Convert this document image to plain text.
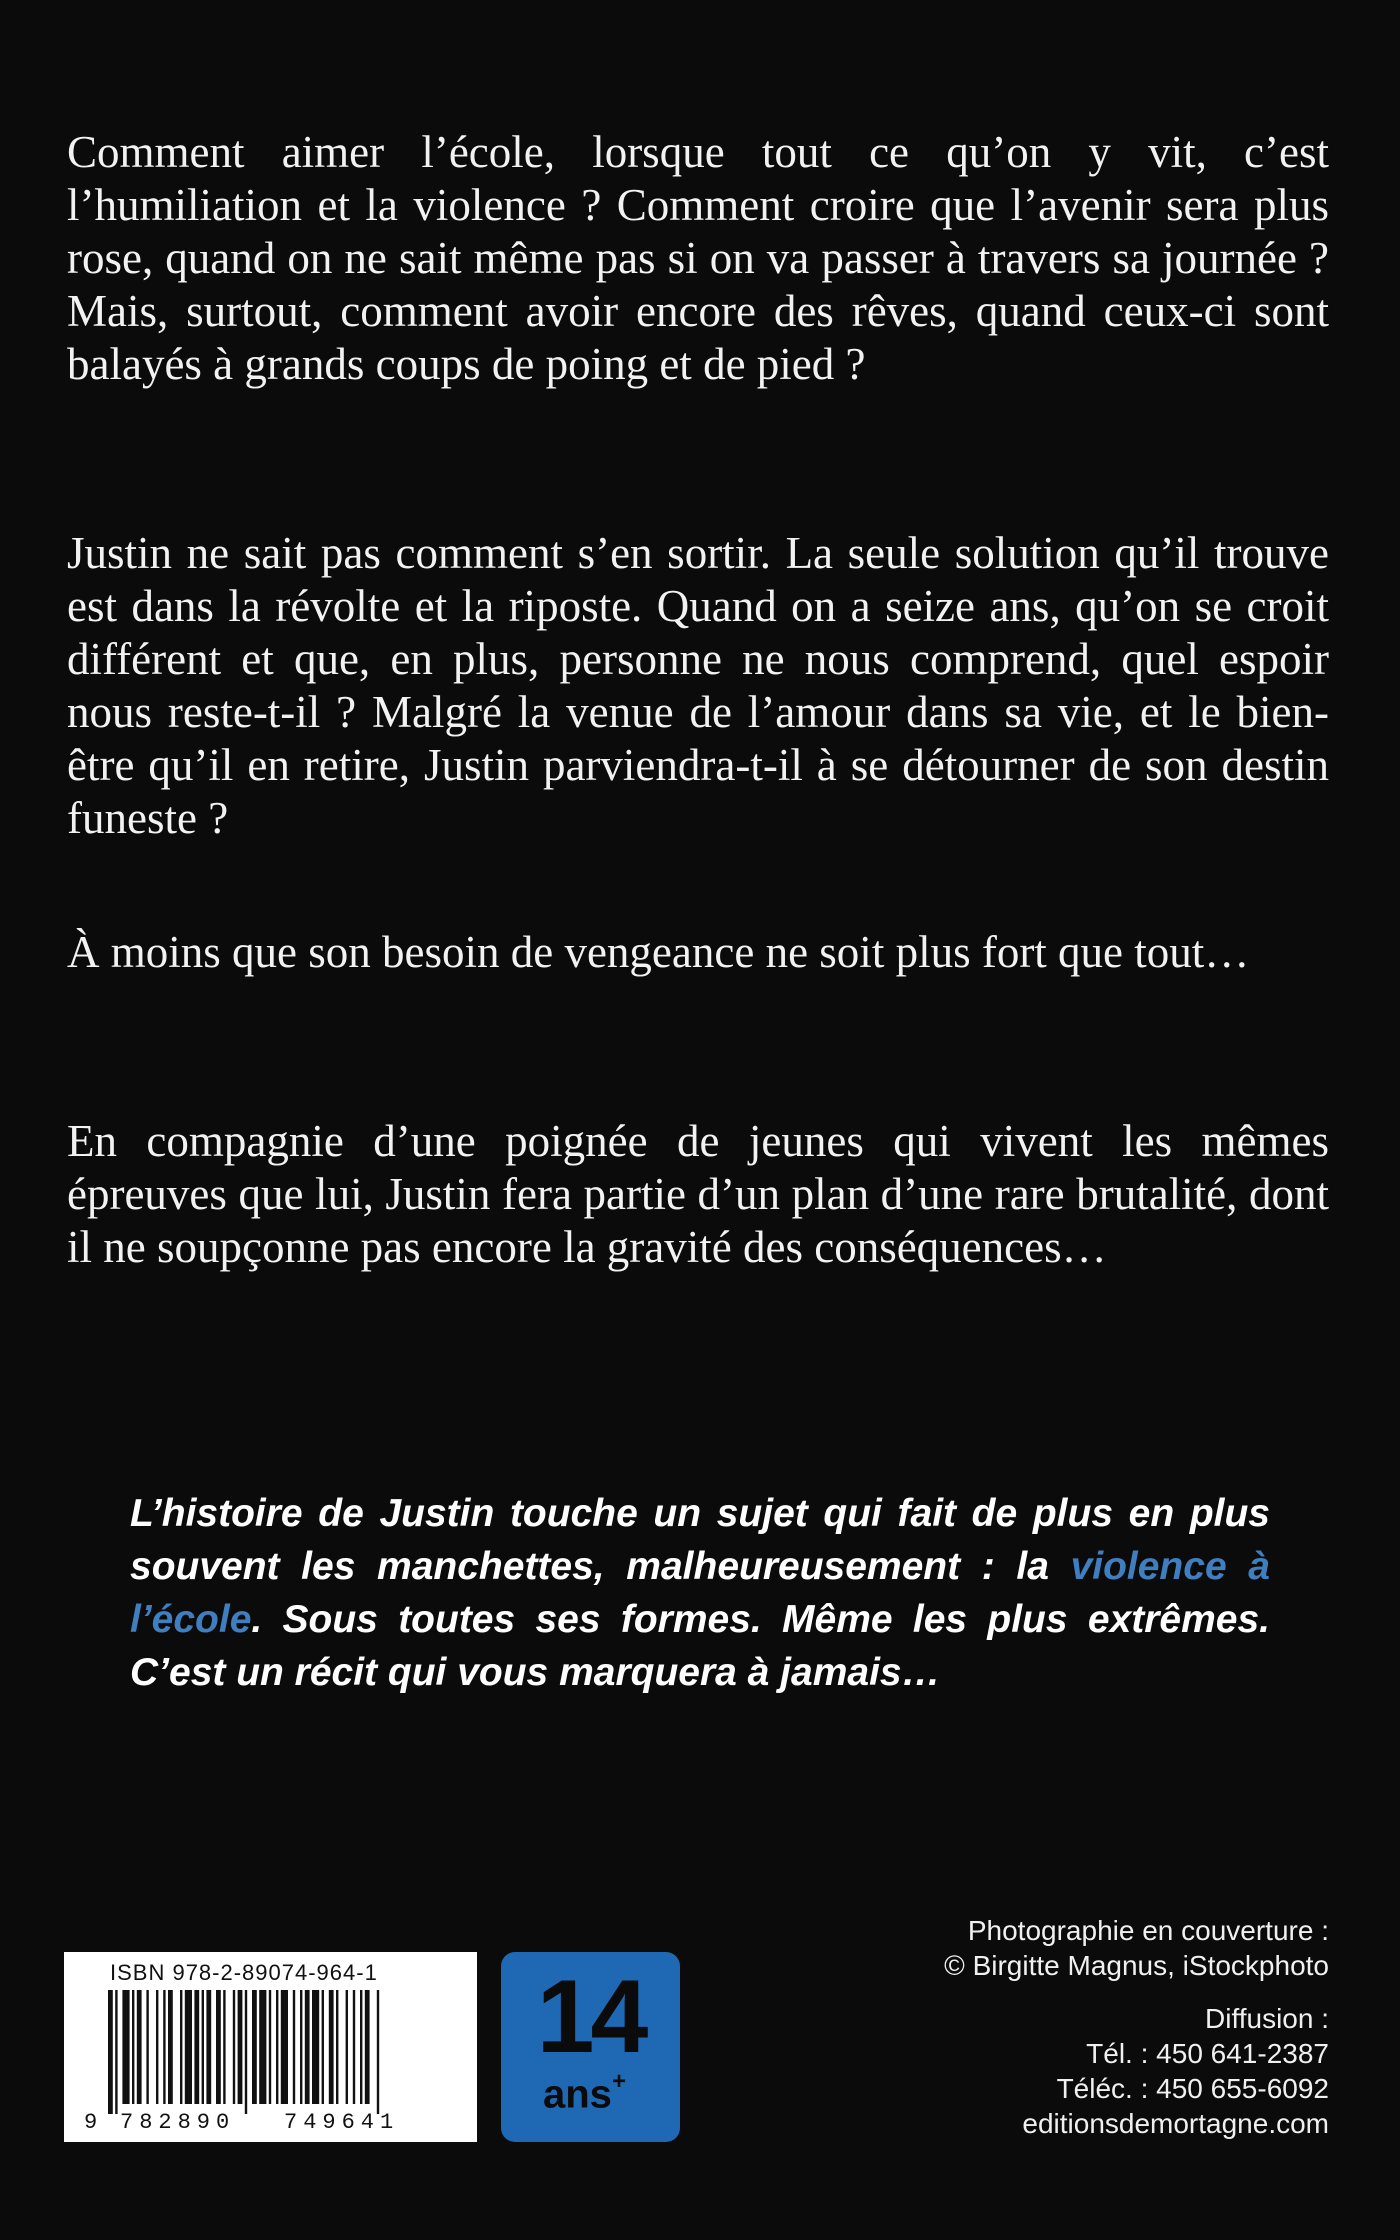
Comment aimer l’école, lorsque tout ce qu’on y vit, c’est l’humiliation et la violence ? Comment croire que l’avenir sera plus rose, quand on ne sait même pas si on va passer à travers sa journée ? Mais, surtout, comment avoir encore des rêves, quand ceux-ci sont balayés à grands coups de poing et de pied ?

Justin ne sait pas comment s’en sortir. La seule solution qu’il trouve est dans la révolte et la riposte. Quand on a seize ans, qu’on se croit différent et que, en plus, personne ne nous comprend, quel espoir nous reste-t-il ? Malgré la venue de l’amour dans sa vie, et le bien-être qu’il en retire, Justin parviendra-t-il à se détourner de son destin funeste ?

À moins que son besoin de vengeance ne soit plus fort que tout…

En compagnie d’une poignée de jeunes qui vivent les mêmes épreuves que lui, Justin fera partie d’un plan d’une rare brutalité, dont il ne soupçonne pas encore la gravité des conséquences…

L’histoire de Justin touche un sujet qui fait de plus en plus souvent les manchettes, malheureusement : la violence à l’école. Sous toutes ses formes. Même les plus extrêmes. C’est un récit qui vous marquera à jamais…

ISBN 978-2-89074-964-1
9 782890 749641
14
ans+
Photographie en couverture :
© Birgitte Magnus, iStockphoto
Diffusion :
Tél. : 450 641-2387
Téléc. : 450 655-6092
editionsdemortagne.com
